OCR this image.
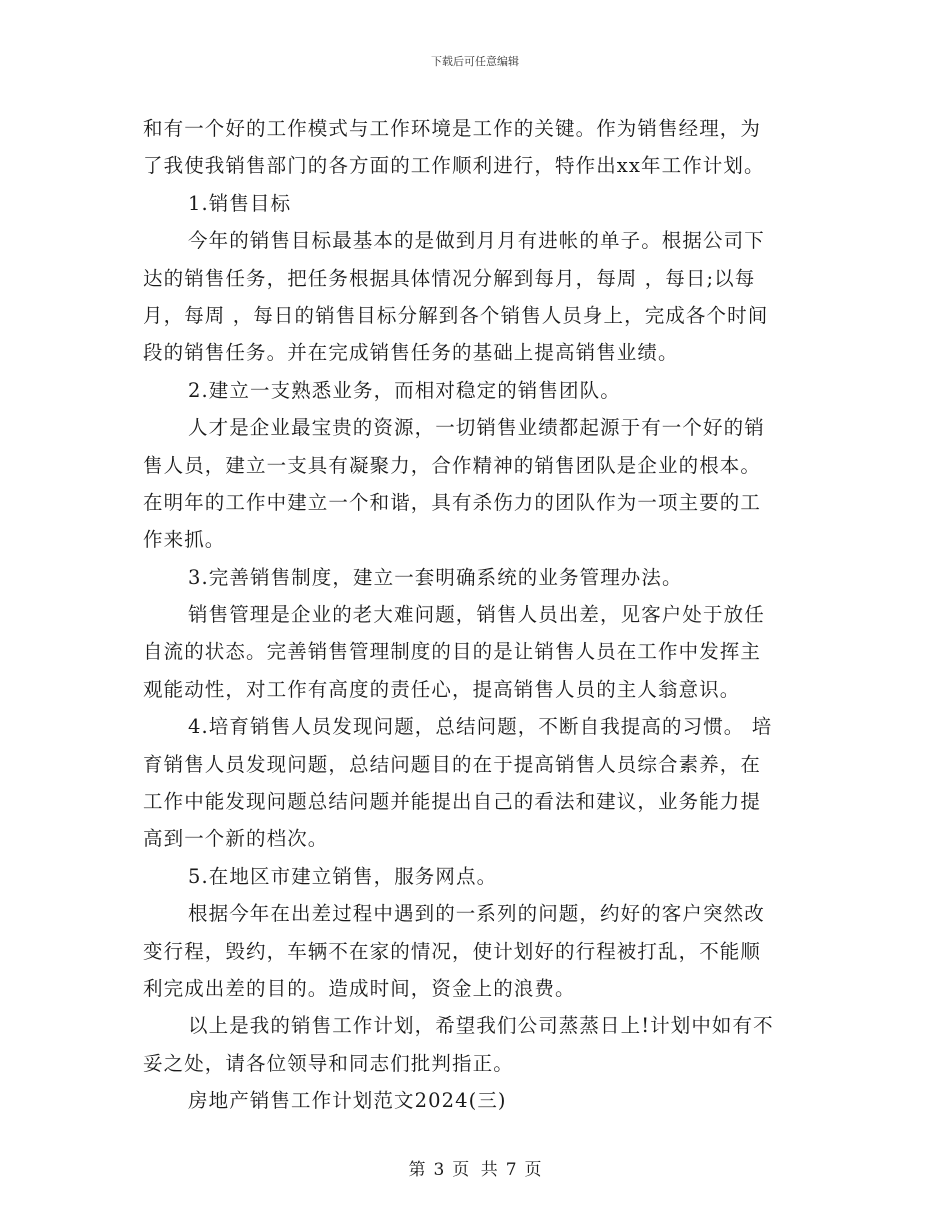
下载后可任意编辑
和有一个好的工作模式与工作环境是工作的关键。作为销售经理，为
了我使我销售部门的各方面的工作顺利进行，特作出xx年工作计划。
1.销售目标
今年的销售目标最基本的是做到月月有进帐的单子。根据公司下
达的销售任务，把任务根据具体情况分解到每月，每周 ，每日;以每
月，每周 ，每日的销售目标分解到各个销售人员身上，完成各个时间
段的销售任务。并在完成销售任务的基础上提高销售业绩。
2.建立一支熟悉业务，而相对稳定的销售团队。
人才是企业最宝贵的资源，一切销售业绩都起源于有一个好的销
售人员，建立一支具有凝聚力，合作精神的销售团队是企业的根本。
在明年的工作中建立一个和谐，具有杀伤力的团队作为一项主要的工
作来抓。
3.完善销售制度，建立一套明确系统的业务管理办法。
销售管理是企业的老大难问题，销售人员出差，见客户处于放任
自流的状态。完善销售管理制度的目的是让销售人员在工作中发挥主
观能动性，对工作有高度的责任心，提高销售人员的主人翁意识。
4.培育销售人员发现问题，总结问题，不断自我提高的习惯。 培
育销售人员发现问题，总结问题目的在于提高销售人员综合素养，在
工作中能发现问题总结问题并能提出自己的看法和建议，业务能力提
高到一个新的档次。
5.在地区市建立销售，服务网点。
根据今年在出差过程中遇到的一系列的问题，约好的客户突然改
变行程，毁约，车辆不在家的情况，使计划好的行程被打乱，不能顺
利完成出差的目的。造成时间，资金上的浪费。
以上是我的销售工作计划，希望我们公司蒸蒸日上!计划中如有不
妥之处，请各位领导和同志们批判指正。
房地产销售工作计划范文2024(三)
第 3 页 共 7 页
